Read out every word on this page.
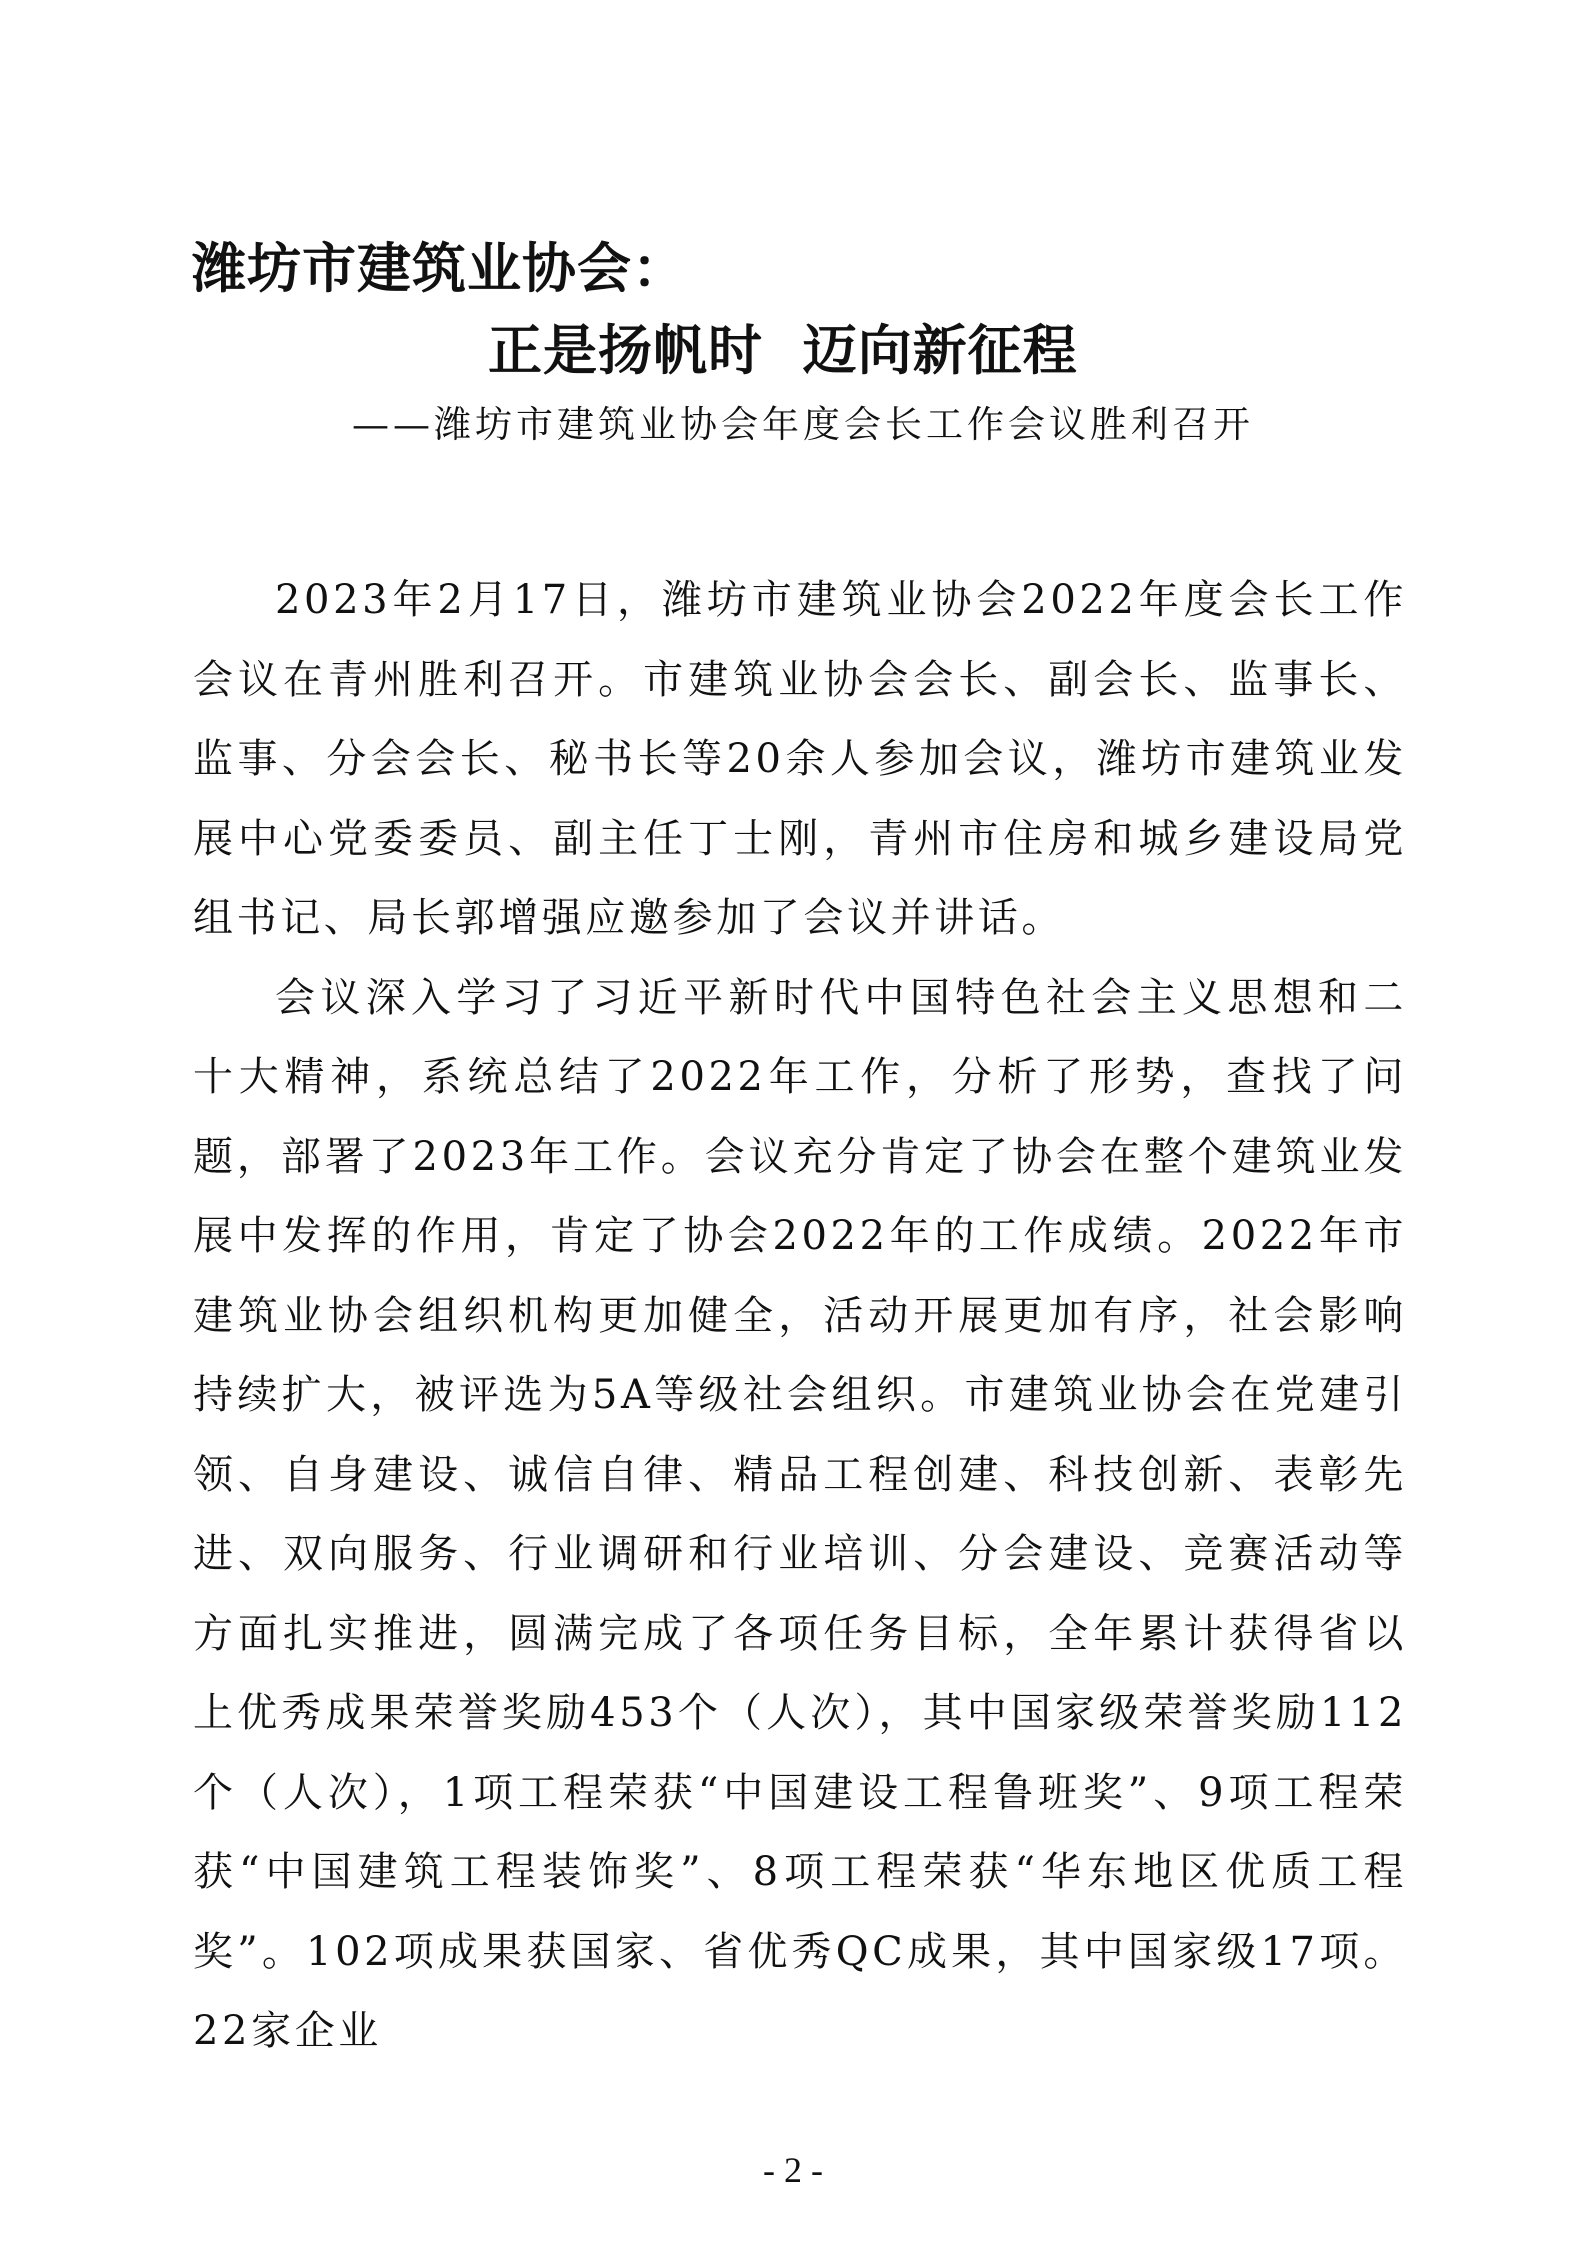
潍坊市建筑业协会：
正是扬帆时  迈向新征程
——潍坊市建筑业协会年度会长工作会议胜利召开

2023年2月17日，潍坊市建筑业协会2022年度会长工作会议在青州胜利召开。市建筑业协会会长、副会长、监事长、监事、分会会长、秘书长等20余人参加会议，潍坊市建筑业发展中心党委委员、副主任丁士刚，青州市住房和城乡建设局党组书记、局长郭增强应邀参加了会议并讲话。

会议深入学习了习近平新时代中国特色社会主义思想和二十大精神，系统总结了2022年工作，分析了形势，查找了问题，部署了2023年工作。会议充分肯定了协会在整个建筑业发展中发挥的作用，肯定了协会2022年的工作成绩。2022年市建筑业协会组织机构更加健全，活动开展更加有序，社会影响持续扩大，被评选为5A等级社会组织。市建筑业协会在党建引领、自身建设、诚信自律、精品工程创建、科技创新、表彰先进、双向服务、行业调研和行业培训、分会建设、竞赛活动等方面扎实推进，圆满完成了各项任务目标，全年累计获得省以上优秀成果荣誉奖励453个（人次），其中国家级荣誉奖励112个（人次），1项工程荣获“中国建设工程鲁班奖”、9项工程荣获“中国建筑工程装饰奖”、8项工程荣获“华东地区优质工程奖”。102项成果获国家、省优秀QC成果，其中国家级17项。22家企业

- 2 -
